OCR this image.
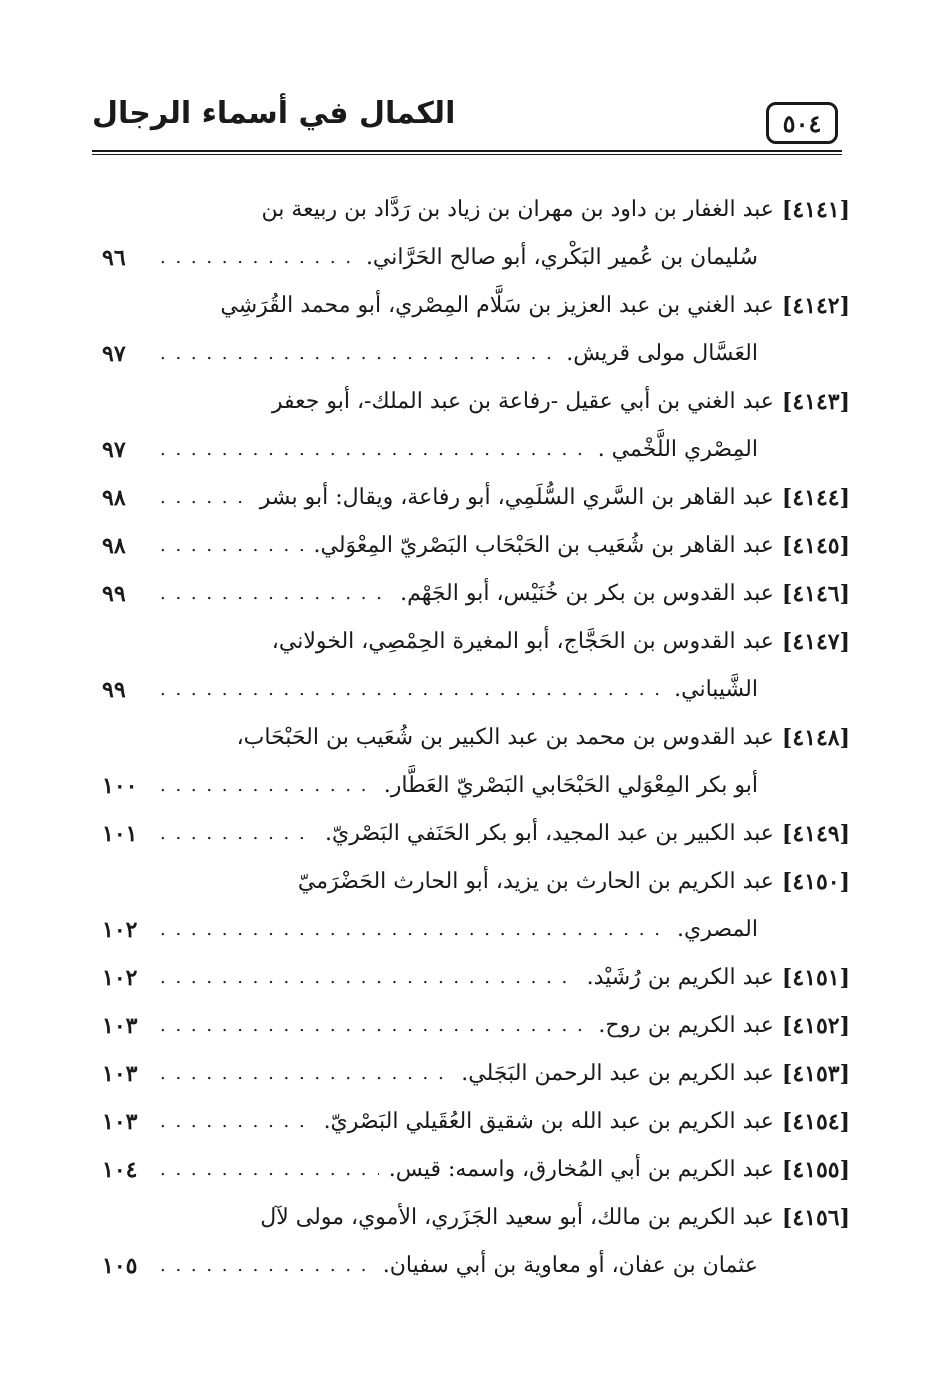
٥٠٤
الكمال في أسماء الرجال
[٤١٤١]
عبد الغفار بن داود بن مهران بن زياد بن رَدَّاد بن ربيعة بن
سُليمان بن عُمير البَكْري، أبو صالح الحَرَّاني.
. . .
٩٦
[٤١٤٢]
عبد الغني بن عبد العزيز بن سَلَّام المِصْري، أبو محمد القُرَشِي
العَسَّال مولى قريش.
. . .
٩٧
[٤١٤٣]
عبد الغني بن أبي عقيل -رفاعة بن عبد الملك-، أبو جعفر
المِصْري اللَّخْمي .
. . .
٩٧
[٤١٤٤]
عبد القاهر بن السَّري السُّلَمِي، أبو رفاعة، ويقال: أبو بشر
. . .
٩٨
[٤١٤٥]
عبد القاهر بن شُعَيب بن الحَبْحَاب البَصْريّ المِعْوَلي.
. . .
٩٨
[٤١٤٦]
عبد القدوس بن بكر بن خُنَيْس، أبو الجَهْم.
. . .
٩٩
[٤١٤٧]
عبد القدوس بن الحَجَّاج، أبو المغيرة الحِمْصِي، الخولاني،
الشَّيباني.
. . .
٩٩
[٤١٤٨]
عبد القدوس بن محمد بن عبد الكبير بن شُعَيب بن الحَبْحَاب،
أبو بكر المِعْوَلي الحَبْحَابي البَصْريّ العَطَّار.
. . .
١٠٠
[٤١٤٩]
عبد الكبير بن عبد المجيد، أبو بكر الحَنَفي البَصْريّ.
. . .
١٠١
[٤١٥٠]
عبد الكريم بن الحارث بن يزيد، أبو الحارث الحَضْرَميّ
المصري.
. . .
١٠٢
[٤١٥١]
عبد الكريم بن رُشَيْد.
. . .
١٠٢
[٤١٥٢]
عبد الكريم بن روح.
. . .
١٠٣
[٤١٥٣]
عبد الكريم بن عبد الرحمن البَجَلي.
. . .
١٠٣
[٤١٥٤]
عبد الكريم بن عبد الله بن شقيق العُقَيلي البَصْريّ.
. . .
١٠٣
[٤١٥٥]
عبد الكريم بن أبي المُخارق، واسمه: قيس.
. . .
١٠٤
[٤١٥٦]
عبد الكريم بن مالك، أبو سعيد الجَزَري، الأموي، مولى لآل
عثمان بن عفان، أو معاوية بن أبي سفيان.
. . .
١٠٥
